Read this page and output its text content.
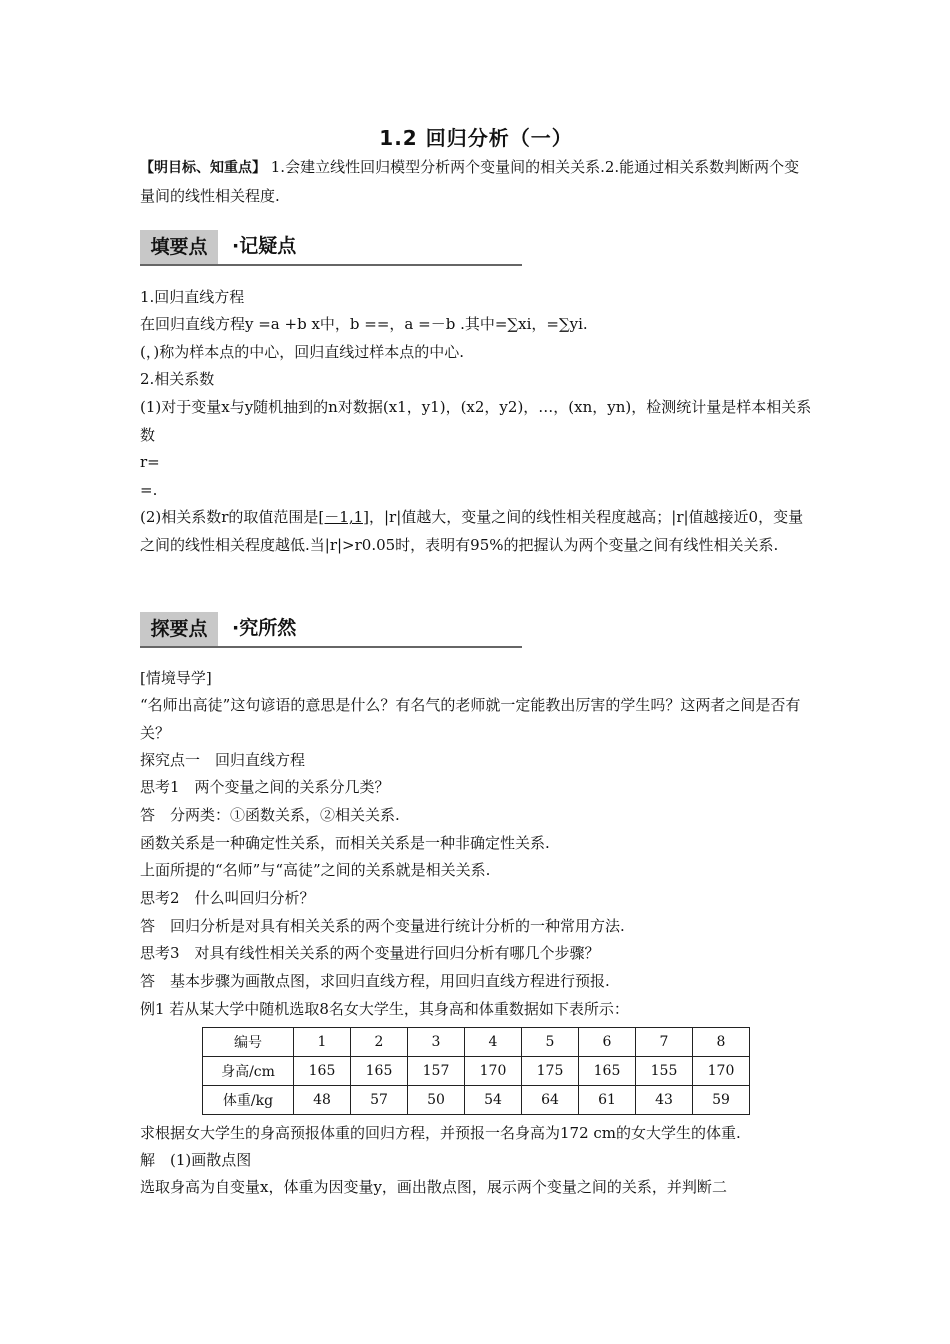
1.2 回归分析（一）

【明目标、知重点】 1.会建立线性回归模型分析两个变量间的相关关系.2.能通过相关系数判断两个变量间的线性相关程度.

填要点	·记疑点

1.回归直线方程

在回归直线方程y =a +b x中，b ==，a =－b .其中=∑xi，=∑yi.

(，)称为样本点的中心，回归直线过样本点的中心.

2.相关系数

(1)对于变量x与y随机抽到的n对数据(x1，y1)，(x2，y2)，…，(xn，yn)，检测统计量是样本相关系数

r=

=.

(2)相关系数r的取值范围是[－1,1]，|r|值越大，变量之间的线性相关程度越高；|r|值越接近0，变量之间的线性相关程度越低.当|r|>r0.05时，表明有95%的把握认为两个变量之间有线性相关关系.

探要点	·究所然

[情境导学]

“名师出高徒”这句谚语的意思是什么？有名气的老师就一定能教出厉害的学生吗？这两者之间是否有关？

探究点一　回归直线方程

思考1　两个变量之间的关系分几类？

答　分两类：①函数关系，②相关关系.

函数关系是一种确定性关系，而相关关系是一种非确定性关系.

上面所提的“名师”与“高徒”之间的关系就是相关关系.

思考2　什么叫回归分析？

答　回归分析是对具有相关关系的两个变量进行统计分析的一种常用方法.

思考3　对具有线性相关关系的两个变量进行回归分析有哪几个步骤？

答　基本步骤为画散点图，求回归直线方程，用回归直线方程进行预报.

例1 若从某大学中随机选取8名女大学生，其身高和体重数据如下表所示：

编号	1	2	3	4	5	6	7	8
身高/cm	165	165	157	170	175	165	155	170
体重/kg	48	57	50	54	64	61	43	59

求根据女大学生的身高预报体重的回归方程，并预报一名身高为172 cm的女大学生的体重.

解　(1)画散点图

选取身高为自变量x，体重为因变量y，画出散点图，展示两个变量之间的关系，并判断二
